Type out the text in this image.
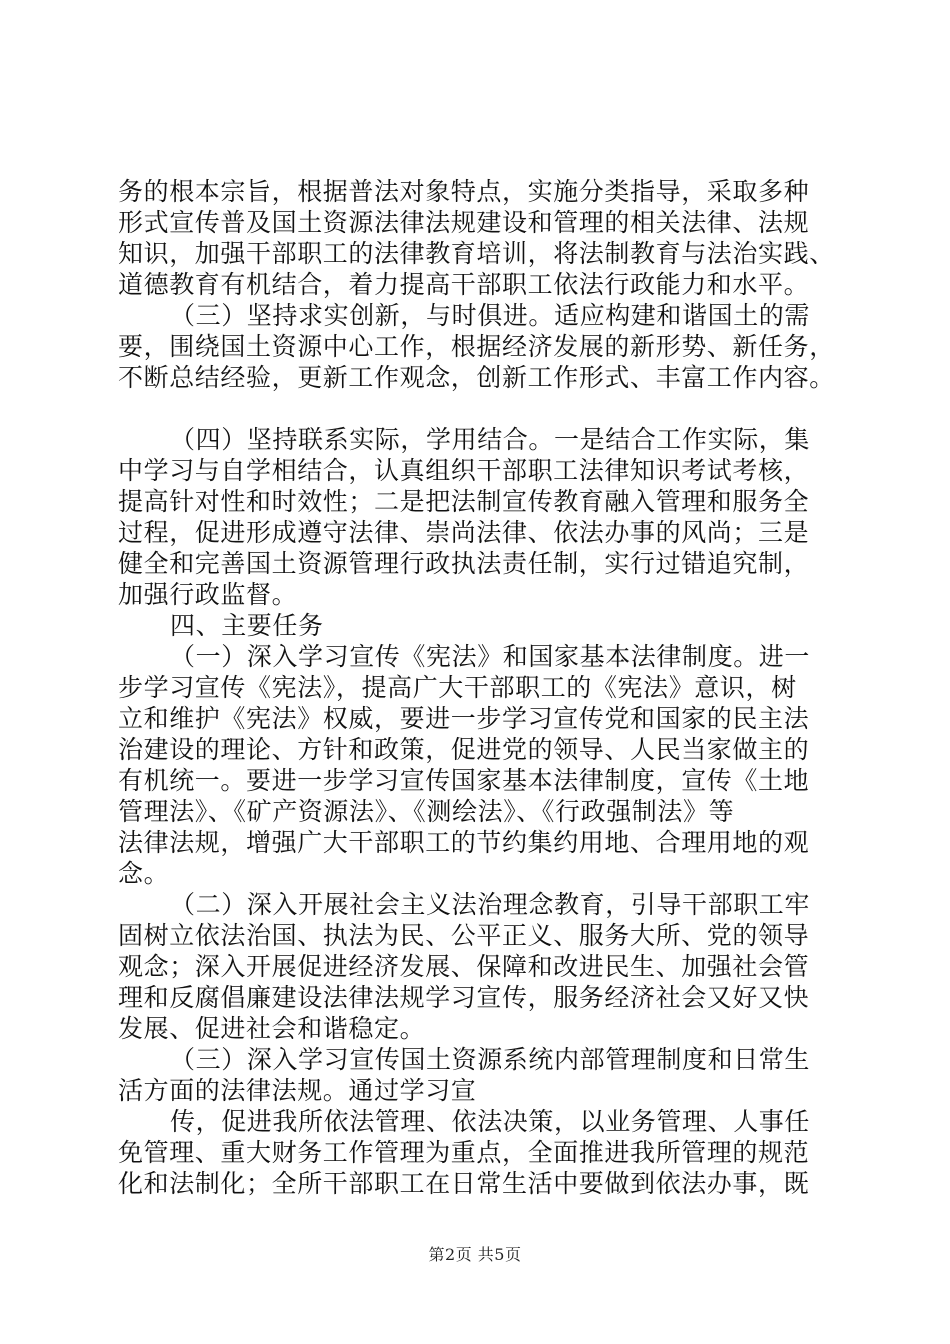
务的根本宗旨，根据普法对象特点，实施分类指导，采取多种
形式宣传普及国土资源法律法规建设和管理的相关法律、法规
知识，加强干部职工的法律教育培训，将法制教育与法治实践、
道德教育有机结合，着力提高干部职工依法行政能力和水平。
（三）坚持求实创新，与时俱进。适应构建和谐国土的需
要，围绕国土资源中心工作，根据经济发展的新形势、新任务，
不断总结经验，更新工作观念，创新工作形式、丰富工作内容。
（四）坚持联系实际，学用结合。一是结合工作实际，集
中学习与自学相结合，认真组织干部职工法律知识考试考核，
提高针对性和时效性；二是把法制宣传教育融入管理和服务全
过程，促进形成遵守法律、崇尚法律、依法办事的风尚；三是
健全和完善国土资源管理行政执法责任制，实行过错追究制，
加强行政监督。
四、主要任务
（一）深入学习宣传《宪法》和国家基本法律制度。进一
步学习宣传《宪法》，提高广大干部职工的《宪法》意识，树
立和维护《宪法》权威，要进一步学习宣传党和国家的民主法
治建设的理论、方针和政策，促进党的领导、人民当家做主的
有机统一。要进一步学习宣传国家基本法律制度，宣传《土地
管理法》、《矿产资源法》、《测绘法》、《行政强制法》等
法律法规，增强广大干部职工的节约集约用地、合理用地的观
念。
（二）深入开展社会主义法治理念教育，引导干部职工牢
固树立依法治国、执法为民、公平正义、服务大所、党的领导
观念；深入开展促进经济发展、保障和改进民生、加强社会管
理和反腐倡廉建设法律法规学习宣传，服务经济社会又好又快
发展、促进社会和谐稳定。
（三）深入学习宣传国土资源系统内部管理制度和日常生
活方面的法律法规。通过学习宣
传，促进我所依法管理、依法决策，以业务管理、人事任
免管理、重大财务工作管理为重点，全面推进我所管理的规范
化和法制化；全所干部职工在日常生活中要做到依法办事，既
第2页 共5页
